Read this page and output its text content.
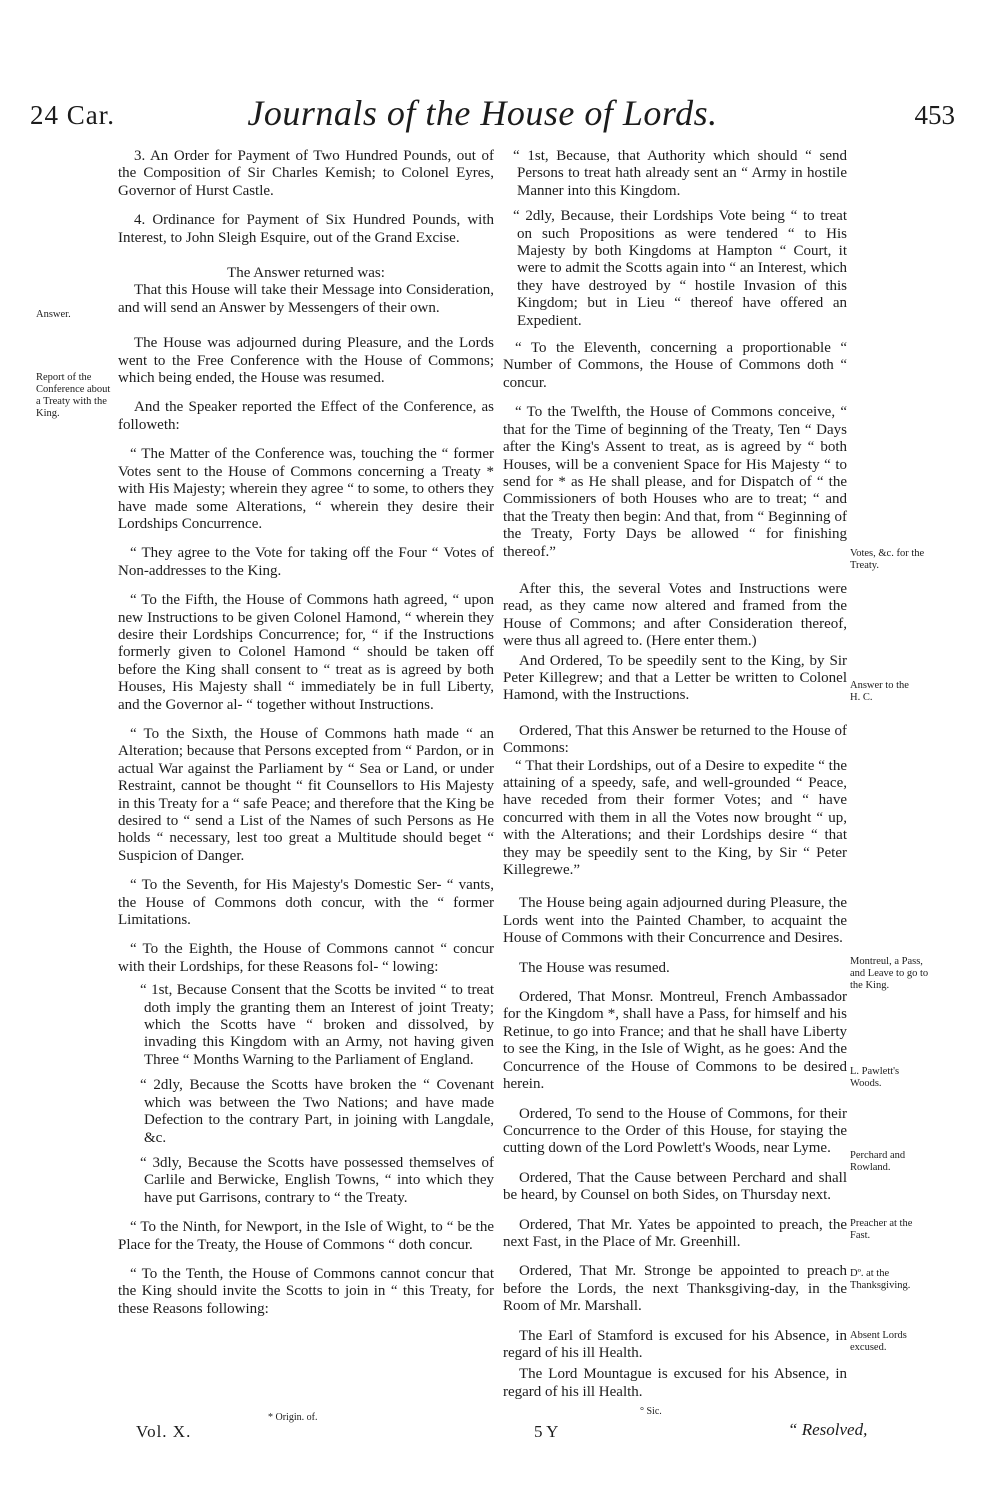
24 Car.	Journals of the House of Lords.	453

3. An Order for Payment of Two Hundred Pounds, out of the Composition of Sir Charles Kemish; to Colonel Eyres, Governor of Hurst Castle.

4. Ordinance for Payment of Six Hundred Pounds, with Interest, to John Sleigh Esquire, out of the Grand Excise.

The Answer returned was:

That this House will take their Message into Consideration, and will send an Answer by Messengers of their own.

The House was adjourned during Pleasure, and the Lords went to the Free Conference with the House of Commons; which being ended, the House was resumed.

And the Speaker reported the Effect of the Conference, as followeth:

“ The Matter of the Conference was, touching the “ former Votes sent to the House of Commons concerning a Treaty * with His Majesty; wherein they agree “ to some, to others they have made some Alterations, “ wherein they desire their Lordships Concurrence.

“ They agree to the Vote for taking off the Four “ Votes of Non-addresses to the King.

“ To the Fifth, the House of Commons hath agreed, “ upon new Instructions to be given Colonel Hamond, “ wherein they desire their Lordships Concurrence; for, “ if the Instructions formerly given to Colonel Hamond “ should be taken off before the King shall consent to “ treat as is agreed by both Houses, His Majesty shall “ immediately be in full Liberty, and the Governor al- “ together without Instructions.

“ To the Sixth, the House of Commons hath made “ an Alteration; because that Persons excepted from “ Pardon, or in actual War against the Parliament by “ Sea or Land, or under Restraint, cannot be thought “ fit Counsellors to His Majesty in this Treaty for a “ safe Peace; and therefore that the King be desired to “ send a List of the Names of such Persons as He holds “ necessary, lest too great a Multitude should beget “ Suspicion of Danger.

“ To the Seventh, for His Majesty's Domestic Ser- “ vants, the House of Commons doth concur, with the “ former Limitations.

“ To the Eighth, the House of Commons cannot “ concur with their Lordships, for these Reasons fol- “ lowing:

“ 1st, Because Consent that the Scotts be invited “ to treat doth imply the granting them an Interest of joint Treaty; which the Scotts have “ broken and dissolved, by invading this Kingdom with an Army, not having given Three “ Months Warning to the Parliament of England.

“ 2dly, Because the Scotts have broken the “ Covenant which was between the Two Nations; and have made Defection to the contrary Part, in joining with Langdale, &c.

“ 3dly, Because the Scotts have possessed themselves of Carlile and Berwicke, English Towns, “ into which they have put Garrisons, contrary to “ the Treaty.

“ To the Ninth, for Newport, in the Isle of Wight, to “ be the Place for the Treaty, the House of Commons “ doth concur.

“ To the Tenth, the House of Commons cannot concur that the King should invite the Scotts to join in “ this Treaty, for these Reasons following:

“ 1st, Because, that Authority which should “ send Persons to treat hath already sent an “ Army in hostile Manner into this Kingdom.

“ 2dly, Because, their Lordships Vote being “ to treat on such Propositions as were tendered “ to His Majesty by both Kingdoms at Hampton “ Court, it were to admit the Scotts again into “ an Interest, which they have destroyed by “ hostile Invasion of this Kingdom; but in Lieu “ thereof have offered an Expedient.

“ To the Eleventh, concerning a proportionable “ Number of Commons, the House of Commons doth “ concur.

“ To the Twelfth, the House of Commons conceive, “ that for the Time of beginning of the Treaty, Ten “ Days after the King's Assent to treat, as is agreed by “ both Houses, will be a convenient Space for His Majesty “ to send for * as He shall please, and for Dispatch of “ the Commissioners of both Houses who are to treat; “ and that the Treaty then begin: And that, from “ Beginning of the Treaty, Forty Days be allowed “ for finishing thereof.”

After this, the several Votes and Instructions were read, as they came now altered and framed from the House of Commons; and after Consideration thereof, were thus all agreed to. (Here enter them.)

And Ordered, To be speedily sent to the King, by Sir Peter Killegrew; and that a Letter be written to Colonel Hamond, with the Instructions.

Ordered, That this Answer be returned to the House of Commons:

“ That their Lordships, out of a Desire to expedite “ the attaining of a speedy, safe, and well-grounded “ Peace, have receded from their former Votes; and “ have concurred with them in all the Votes now brought “ up, with the Alterations; and their Lordships desire “ that they may be speedily sent to the King, by Sir “ Peter Killegrewe.”

The House being again adjourned during Pleasure, the Lords went into the Painted Chamber, to acquaint the House of Commons with their Concurrence and Desires.

The House was resumed.

Ordered, That Monsr. Montreul, French Ambassador for the Kingdom *, shall have a Pass, for himself and his Retinue, to go into France; and that he shall have Liberty to see the King, in the Isle of Wight, as he goes: And the Concurrence of the House of Commons to be desired herein.

Ordered, To send to the House of Commons, for their Concurrence to the Order of this House, for staying the cutting down of the Lord Powlett's Woods, near Lyme.

Ordered, That the Cause between Perchard and shall be heard, by Counsel on both Sides, on Thursday next.

Ordered, That Mr. Yates be appointed to preach, the next Fast, in the Place of Mr. Greenhill.

Ordered, That Mr. Stronge be appointed to preach before the Lords, the next Thanksgiving-day, in the Room of Mr. Marshall.

The Earl of Stamford is excused for his Absence, in regard of his ill Health.

The Lord Mountague is excused for his Absence, in regard of his ill Health.

Answer.
Report of the Conference about a Treaty with the King.
Votes, &c. for the Treaty.
Answer to the H. C.
Montreul, a Pass, and Leave to go to the King.
L. Pawlett's Woods.
Perchard and Rowland.
Preacher at the Fast.
Dº. at the Thanksgiving.
Absent Lords excused.
* Origin. of.
° Sic.
Vol. X.	5 Y	“ Resolved,
